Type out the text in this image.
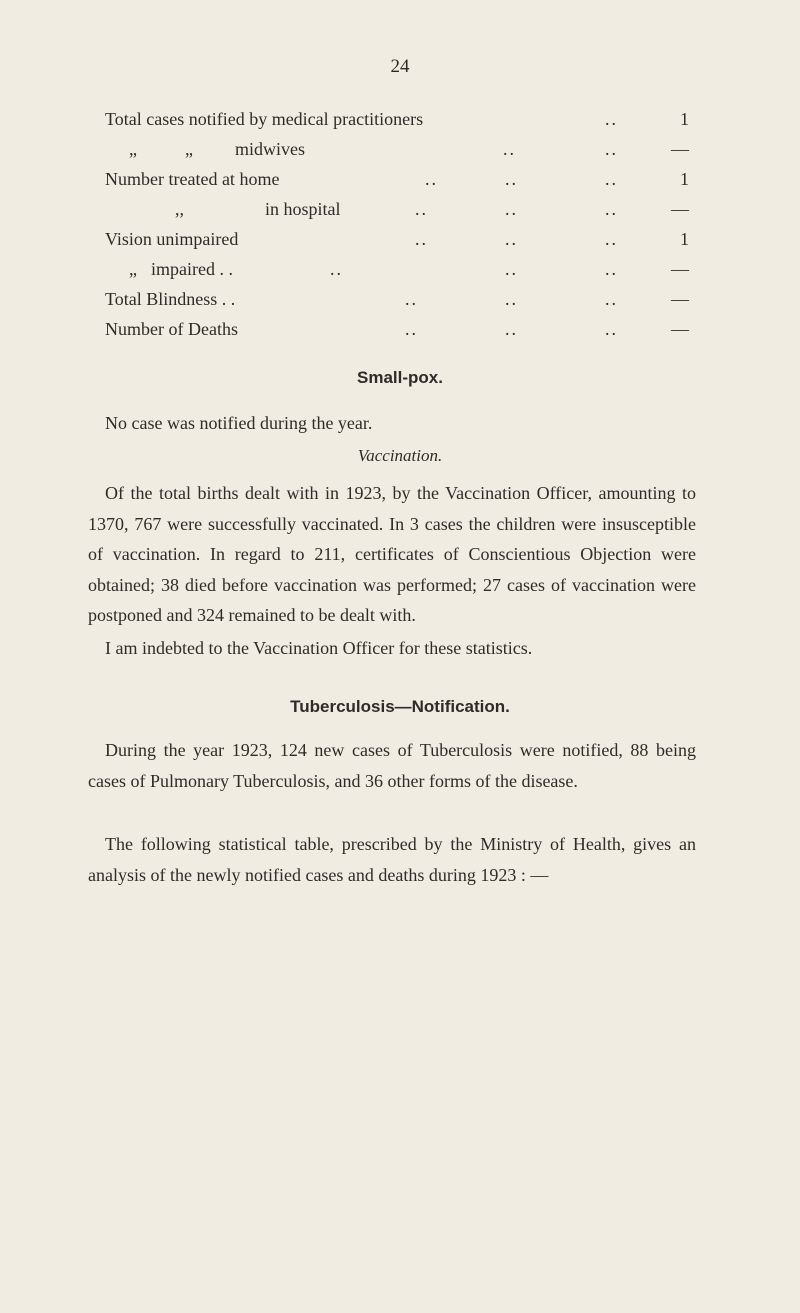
24
Total cases notified by medical practitioners	..	1
„	„ midwives	..	..	—
Number treated at home	..	..	..	1
,,	in hospital	..	..	..	—
Vision unimpaired	..	..	..	1
„ impaired . .	..	..	..	—
Total Blindness . .	..	..	..	—
Number of Deaths	..	..	..	—
Small-pox.
No case was notified during the year.
Vaccination.
Of the total births dealt with in 1923, by the Vaccination Officer, amounting to 1370, 767 were successfully vaccinated. In 3 cases the children were insusceptible of vaccination. In regard to 211, certificates of Conscientious Objection were obtained; 38 died before vaccination was performed; 27 cases of vaccination were postponed and 324 remained to be dealt with.
I am indebted to the Vaccination Officer for these statistics.
Tuberculosis—Notification.
During the year 1923, 124 new cases of Tuberculosis were notified, 88 being cases of Pulmonary Tuberculosis, and 36 other forms of the disease.
The following statistical table, prescribed by the Ministry of Health, gives an analysis of the newly notified cases and deaths during 1923 : —
